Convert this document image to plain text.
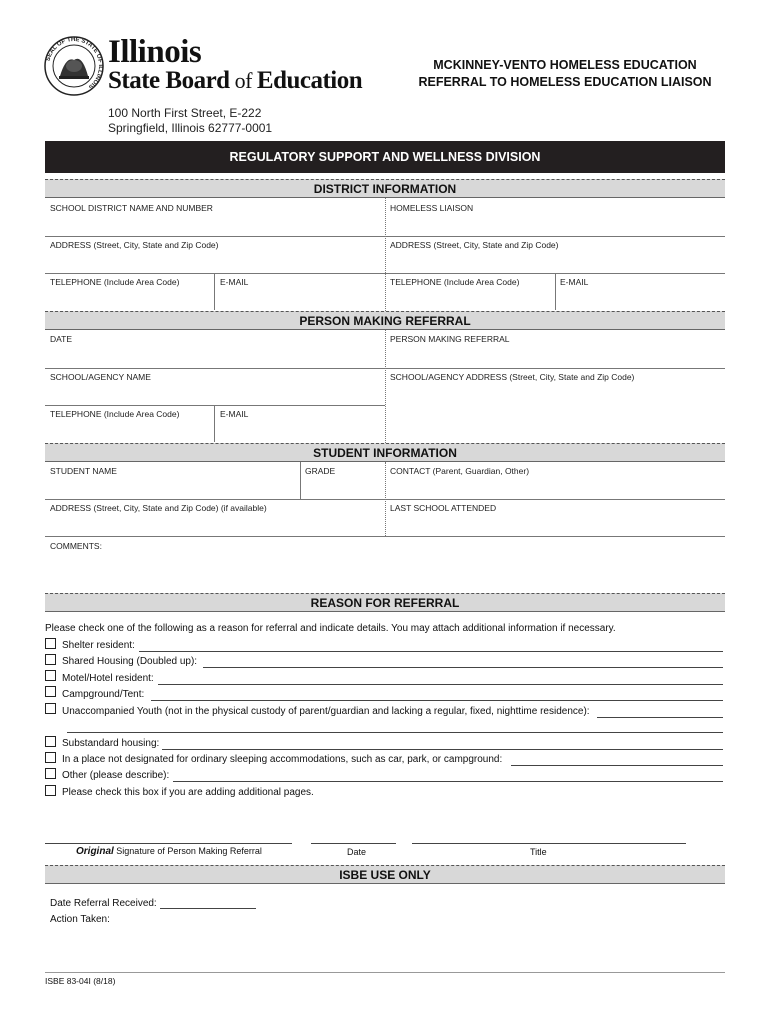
SEAL OF THE STATE OF ILLINOIS
Illinois
State Board of Education
100 North First Street, E-222
Springfield, Illinois 62777-0001
MCKINNEY-VENTO HOMELESS EDUCATION
REFERRAL TO HOMELESS EDUCATION LIAISON
REGULATORY SUPPORT AND WELLNESS DIVISION
DISTRICT INFORMATION
SCHOOL DISTRICT NAME AND NUMBER	HOMELESS LIAISON
ADDRESS (Street, City, State and Zip Code)	ADDRESS (Street, City, State and Zip Code)
TELEPHONE (Include Area Code)	E-MAIL	TELEPHONE (Include Area Code)	E-MAIL
PERSON MAKING REFERRAL
DATE	PERSON MAKING REFERRAL
SCHOOL/AGENCY NAME	SCHOOL/AGENCY ADDRESS (Street, City, State and Zip Code)
TELEPHONE (Include Area Code)	E-MAIL
STUDENT INFORMATION
STUDENT NAME	GRADE	CONTACT (Parent, Guardian, Other)
ADDRESS (Street, City, State and Zip Code) (if available)	LAST SCHOOL ATTENDED
COMMENTS:
REASON FOR REFERRAL
Please check one of the following as a reason for referral and indicate details. You may attach additional information if necessary.
Shelter resident:
Shared Housing (Doubled up):
Motel/Hotel resident:
Campground/Tent:
Unaccompanied Youth (not in the physical custody of parent/guardian and lacking a regular, fixed, nighttime residence):
Substandard housing:
In a place not designated for ordinary sleeping accommodations, such as car, park, or campground:
Other (please describe):
Please check this box if you are adding additional pages.
Original Signature of Person Making Referral	Date	Title
ISBE USE ONLY
Date Referral Received:
Action Taken:
ISBE 83-04I (8/18)
